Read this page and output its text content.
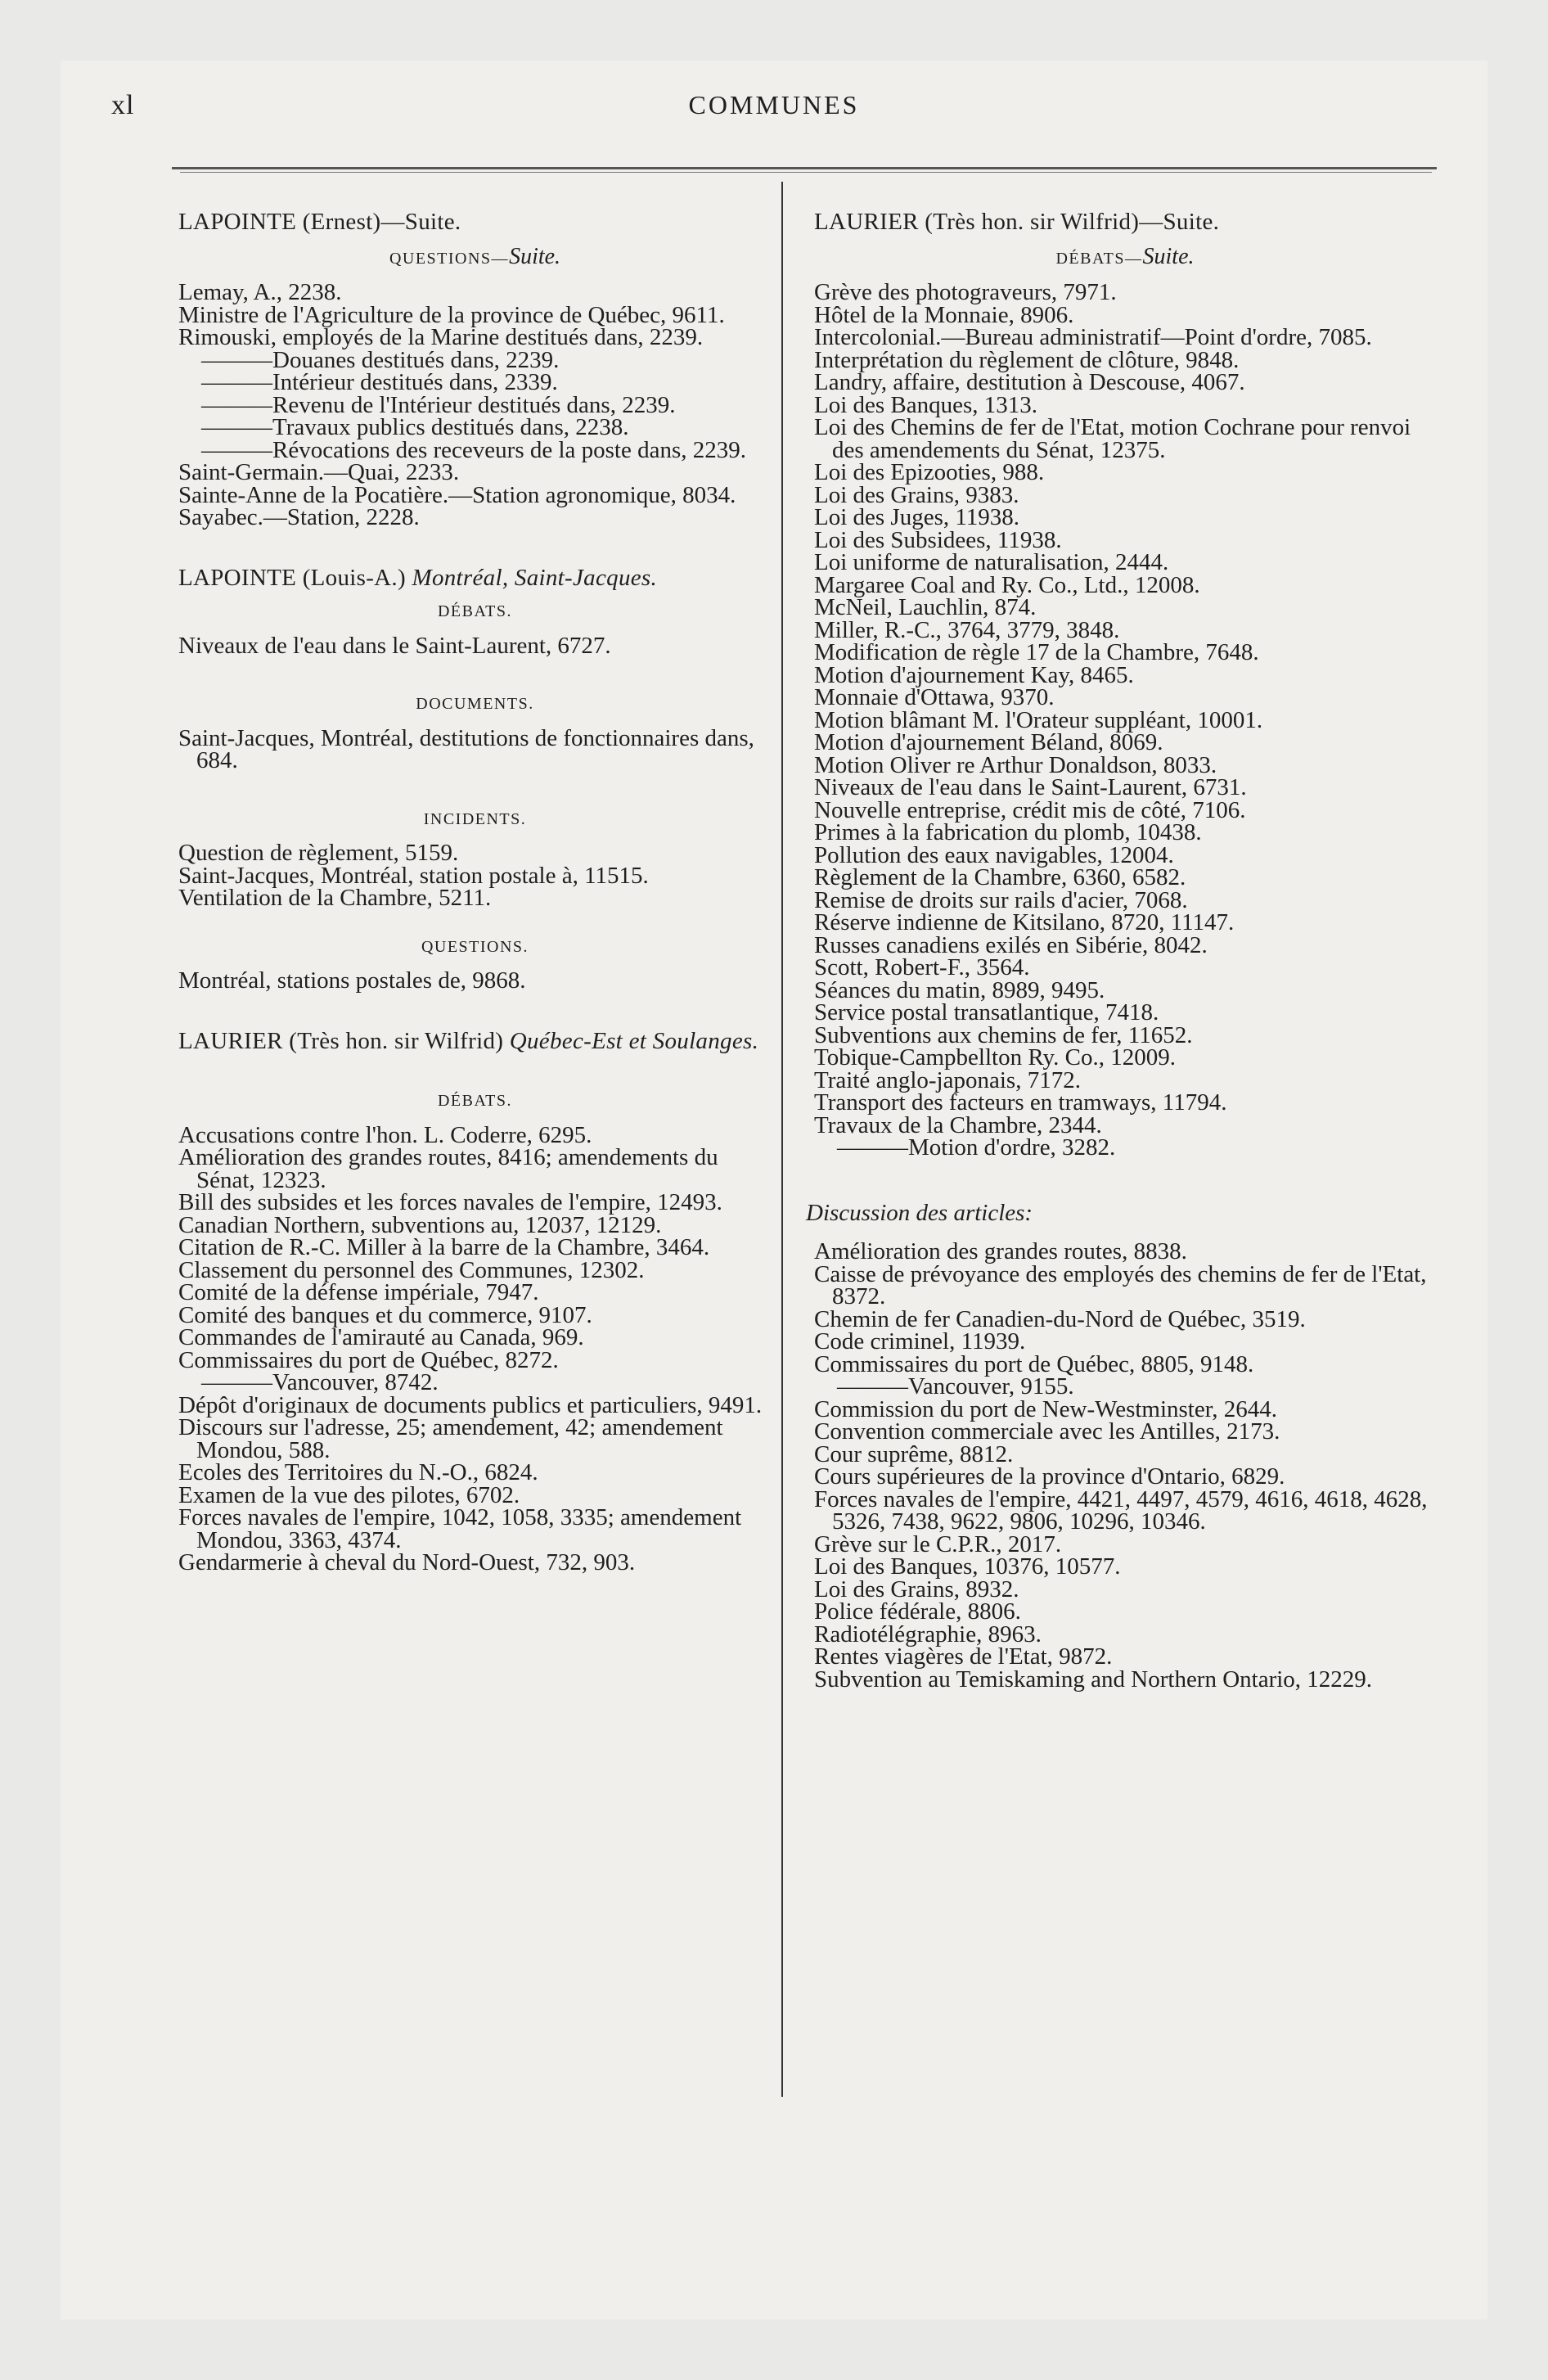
xl	COMMUNES
LAPOINTE (Ernest)—Suite.
QUESTIONS—Suite.
Lemay, A., 2238.
Ministre de l'Agriculture de la province de Québec, 9611.
Rimouski, employés de la Marine destitués dans, 2239.
———Douanes destitués dans, 2239.
———Intérieur destitués dans, 2339.
———Revenu de l'Intérieur destitués dans, 2239.
———Travaux publics destitués dans, 2238.
———Révocations des receveurs de la poste dans, 2239.
Saint-Germain.—Quai, 2233.
Sainte-Anne de la Pocatière.—Station agronomique, 8034.
Sayabec.—Station, 2228.
LAPOINTE (Louis-A.) Montréal, Saint-Jacques.
DÉBATS.
Niveaux de l'eau dans le Saint-Laurent, 6727.
DOCUMENTS.
Saint-Jacques, Montréal, destitutions de fonctionnaires dans, 684.
INCIDENTS.
Question de règlement, 5159.
Saint-Jacques, Montréal, station postale à, 11515.
Ventilation de la Chambre, 5211.
QUESTIONS.
Montréal, stations postales de, 9868.
LAURIER (Très hon. sir Wilfrid) Québec-Est et Soulanges.
DÉBATS.
Accusations contre l'hon. L. Coderre, 6295.
Amélioration des grandes routes, 8416; amendements du Sénat, 12323.
Bill des subsides et les forces navales de l'empire, 12493.
Canadian Northern, subventions au, 12037, 12129.
Citation de R.-C. Miller à la barre de la Chambre, 3464.
Classement du personnel des Communes, 12302.
Comité de la défense impériale, 7947.
Comité des banques et du commerce, 9107.
Commandes de l'amirauté au Canada, 969.
Commissaires du port de Québec, 8272.
———Vancouver, 8742.
Dépôt d'originaux de documents publics et particuliers, 9491.
Discours sur l'adresse, 25; amendement, 42; amendement Mondou, 588.
Ecoles des Territoires du N.-O., 6824.
Examen de la vue des pilotes, 6702.
Forces navales de l'empire, 1042, 1058, 3335; amendement Mondou, 3363, 4374.
Gendarmerie à cheval du Nord-Ouest, 732, 903.
LAURIER (Très hon. sir Wilfrid)—Suite.
DÉBATS—Suite.
Grève des photograveurs, 7971.
Hôtel de la Monnaie, 8906.
Intercolonial.—Bureau administratif—Point d'ordre, 7085.
Interprétation du règlement de clôture, 9848.
Landry, affaire, destitution à Descouse, 4067.
Loi des Banques, 1313.
Loi des Chemins de fer de l'Etat, motion Cochrane pour renvoi des amendements du Sénat, 12375.
Loi des Epizooties, 988.
Loi des Grains, 9383.
Loi des Juges, 11938.
Loi des Subsidees, 11938.
Loi uniforme de naturalisation, 2444.
Margaree Coal and Ry. Co., Ltd., 12008.
McNeil, Lauchlin, 874.
Miller, R.-C., 3764, 3779, 3848.
Modification de règle 17 de la Chambre, 7648.
Motion d'ajournement Kay, 8465.
Monnaie d'Ottawa, 9370.
Motion blâmant M. l'Orateur suppléant, 10001.
Motion d'ajournement Béland, 8069.
Motion Oliver re Arthur Donaldson, 8033.
Niveaux de l'eau dans le Saint-Laurent, 6731.
Nouvelle entreprise, crédit mis de côté, 7106.
Primes à la fabrication du plomb, 10438.
Pollution des eaux navigables, 12004.
Règlement de la Chambre, 6360, 6582.
Remise de droits sur rails d'acier, 7068.
Réserve indienne de Kitsilano, 8720, 11147.
Russes canadiens exilés en Sibérie, 8042.
Scott, Robert-F., 3564.
Séances du matin, 8989, 9495.
Service postal transatlantique, 7418.
Subventions aux chemins de fer, 11652.
Tobique-Campbellton Ry. Co., 12009.
Traité anglo-japonais, 7172.
Transport des facteurs en tramways, 11794.
Travaux de la Chambre, 2344.
———Motion d'ordre, 3282.
Discussion des articles:
Amélioration des grandes routes, 8838.
Caisse de prévoyance des employés des chemins de fer de l'Etat, 8372.
Chemin de fer Canadien-du-Nord de Québec, 3519.
Code criminel, 11939.
Commissaires du port de Québec, 8805, 9148.
———Vancouver, 9155.
Commission du port de New-Westminster, 2644.
Convention commerciale avec les Antilles, 2173.
Cour suprême, 8812.
Cours supérieures de la province d'Ontario, 6829.
Forces navales de l'empire, 4421, 4497, 4579, 4616, 4618, 4628, 5326, 7438, 9622, 9806, 10296, 10346.
Grève sur le C.P.R., 2017.
Loi des Banques, 10376, 10577.
Loi des Grains, 8932.
Police fédérale, 8806.
Radiotélégraphie, 8963.
Rentes viagères de l'Etat, 9872.
Subvention au Temiskaming and Northern Ontario, 12229.
